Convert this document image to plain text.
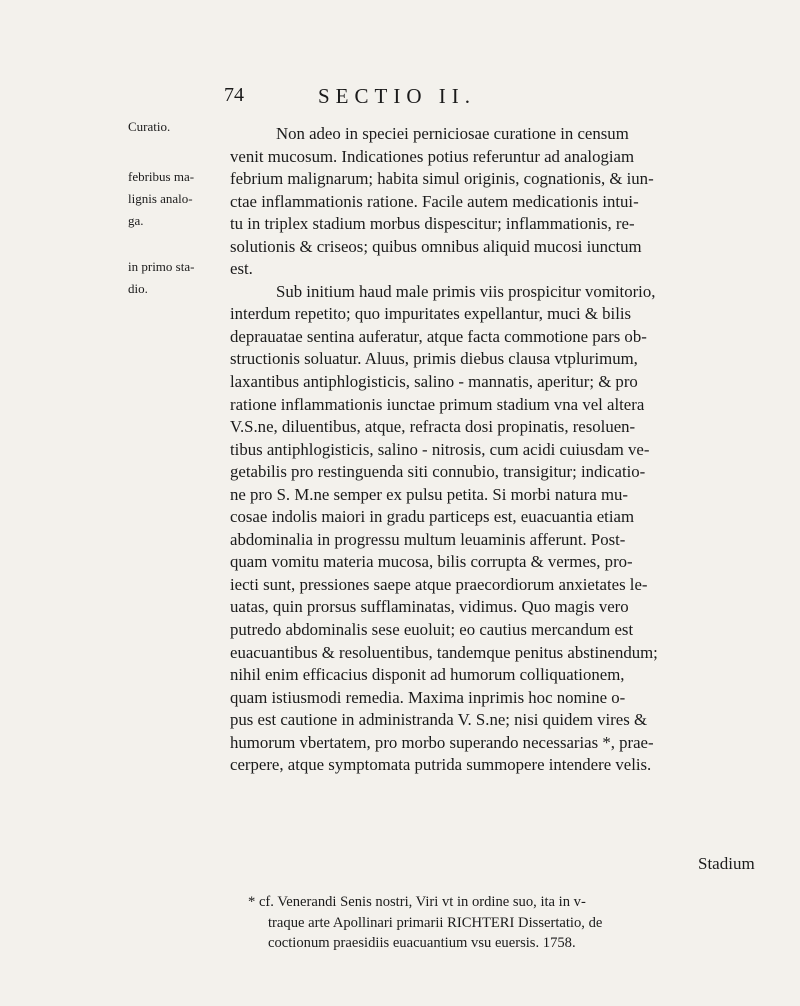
74	SECTIO II.
Curatio.
febribus ma-
lignis analo-
ga.
in primo sta-
dio.
Non adeo in speciei perniciosae curatione in censum
venit mucosum. Indicationes potius referuntur ad analogiam
febrium malignarum; habita simul originis, cognationis, & iun-
ctae inflammationis ratione. Facile autem medicationis intui-
tu in triplex stadium morbus dispescitur; inflammationis, re-
solutionis & criseos; quibus omnibus aliquid mucosi iunctum
est.
Sub initium haud male primis viis prospicitur vomitorio,
interdum repetito; quo impuritates expellantur, muci & bilis
deprauatae sentina auferatur, atque facta commotione pars ob-
structionis soluatur. Aluus, primis diebus clausa vtplurimum,
laxantibus antiphlogisticis, salino - mannatis, aperitur; & pro
ratione inflammationis iunctae primum stadium vna vel altera
V.S.ne, diluentibus, atque, refracta dosi propinatis, resoluen-
tibus antiphlogisticis, salino - nitrosis, cum acidi cuiusdam ve-
getabilis pro restinguenda siti connubio, transigitur; indicatio-
ne pro S. M.ne semper ex pulsu petita. Si morbi natura mu-
cosae indolis maiori in gradu particeps est, euacuantia etiam
abdominalia in progressu multum leuaminis afferunt. Post-
quam vomitu materia mucosa, bilis corrupta & vermes, pro-
iecti sunt, pressiones saepe atque praecordiorum anxietates le-
uatas, quin prorsus sufflaminatas, vidimus. Quo magis vero
putredo abdominalis sese euoluit; eo cautius mercandum est
euacuantibus & resoluentibus, tandemque penitus abstinendum;
nihil enim efficacius disponit ad humorum colliquationem,
quam istiusmodi remedia. Maxima inprimis hoc nomine o-
pus est cautione in administranda V. S.ne; nisi quidem vires &
humorum vbertatem, pro morbo superando necessarias *, prae-
cerpere, atque symptomata putrida summopere intendere velis.
Stadium
* cf. Venerandi Senis nostri, Viri vt in ordine suo, ita in v-
traque arte Apollinari primarii RICHTERI Dissertatio, de
coctionum praesidiis euacuantium vsu euersis. 1758.
